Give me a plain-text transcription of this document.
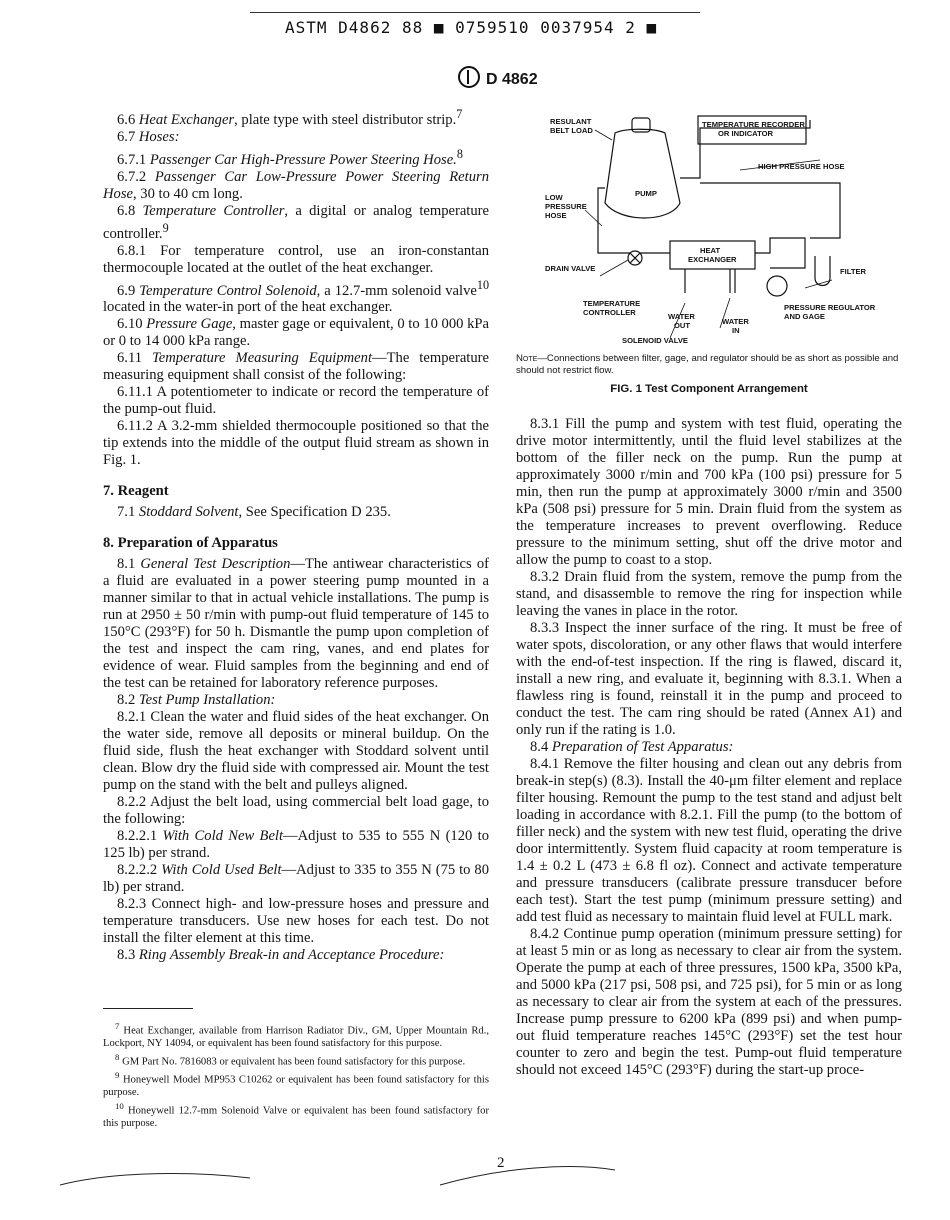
ASTM D4862 88 ■ 0759510 0037954 2 ■
D 4862

6.6 Heat Exchanger, plate type with steel distributor strip.$^7$

6.7 Hoses:

6.7.1 Passenger Car High-Pressure Power Steering Hose.$^8$

6.7.2 Passenger Car Low-Pressure Power Steering Return Hose, 30 to 40 cm long.

6.8 Temperature Controller, a digital or analog temperature controller.$^9$

6.8.1 For temperature control, use an iron-constantan thermocouple located at the outlet of the heat exchanger.

6.9 Temperature Control Solenoid, a 12.7-mm solenoid valve$^{10}$ located in the water-in port of the heat exchanger.

6.10 Pressure Gage, master gage or equivalent, 0 to 10 000 kPa or 0 to 14 000 kPa range.

6.11 Temperature Measuring Equipment—The temperature measuring equipment shall consist of the following:

6.11.1 A potentiometer to indicate or record the temperature of the pump-out fluid.

6.11.2 A 3.2-mm shielded thermocouple positioned so that the tip extends into the middle of the output fluid stream as shown in Fig. 1.

7. Reagent

7.1 Stoddard Solvent, See Specification D 235.

8. Preparation of Apparatus

8.1 General Test Description—The antiwear characteristics of a fluid are evaluated in a power steering pump mounted in a manner similar to that in actual vehicle installations. The pump is run at 2950 ± 50 r/min with pump-out fluid temperature of 145 to 150°C (293°F) for 50 h. Dismantle the pump upon completion of the test and inspect the cam ring, vanes, and end plates for evidence of wear. Fluid samples from the beginning and end of the test can be retained for laboratory reference purposes.

8.2 Test Pump Installation:

8.2.1 Clean the water and fluid sides of the heat exchanger. On the water side, remove all deposits or mineral buildup. On the fluid side, flush the heat exchanger with Stoddard solvent until clean. Blow dry the fluid side with compressed air. Mount the test pump on the stand with the belt and pulleys aligned.

8.2.2 Adjust the belt load, using commercial belt load gage, to the following:

8.2.2.1 With Cold New Belt—Adjust to 535 to 555 N (120 to 125 lb) per strand.

8.2.2.2 With Cold Used Belt—Adjust to 335 to 355 N (75 to 80 lb) per strand.

8.2.3 Connect high- and low-pressure hoses and pressure and temperature transducers. Use new hoses for each test. Do not install the filter element at this time.

8.3 Ring Assembly Break-in and Acceptance Procedure:

$^7$ Heat Exchanger, available from Harrison Radiator Div., GM, Upper Mountain Rd., Lockport, NY 14094, or equivalent has been found satisfactory for this purpose.

$^8$ GM Part No. 7816083 or equivalent has been found satisfactory for this purpose.

$^9$ Honeywell Model MP953 C10262 or equivalent has been found satisfactory for this purpose.

$^{10}$ Honeywell 12.7-mm Solenoid Valve or equivalent has been found satisfactory for this purpose.

RESULANT
BELT LOAD
TEMPERATURE RECORDER
OR INDICATOR
HIGH PRESSURE HOSE
PUMP
LOW
PRESSURE
HOSE
HEAT
EXCHANGER
DRAIN VALVE	FILTER
TEMPERATURE
CONTROLLER	WATER
OUT	WATER
IN
PRESSURE REGULATOR
AND GAGE
SOLENOID VALVE
Note—Connections between filter, gage, and regulator should be as short as possible and should not restrict flow.
FIG. 1 Test Component Arrangement

8.3.1 Fill the pump and system with test fluid, operating the drive motor intermittently, until the fluid level stabilizes at the bottom of the filler neck on the pump. Run the pump at approximately 3000 r/min and 700 kPa (100 psi) pressure for 5 min, then run the pump at approximately 3000 r/min and 3500 kPa (508 psi) pressure for 5 min. Drain fluid from the system as the temperature increases to prevent overflowing. Reduce pressure to the minimum setting, shut off the drive motor and allow the pump to coast to a stop.

8.3.2 Drain fluid from the system, remove the pump from the stand, and disassemble to remove the ring for inspection while leaving the vanes in place in the rotor.

8.3.3 Inspect the inner surface of the ring. It must be free of water spots, discoloration, or any other flaws that would interfere with the end-of-test inspection. If the ring is flawed, discard it, install a new ring, and evaluate it, beginning with 8.3.1. When a flawless ring is found, reinstall it in the pump and proceed to conduct the test. The cam ring should be rated (Annex A1) and only run if the rating is 1.0.

8.4 Preparation of Test Apparatus:

8.4.1 Remove the filter housing and clean out any debris from break-in step(s) (8.3). Install the 40-μm filter element and replace filter housing. Remount the pump to the test stand and adjust belt loading in accordance with 8.2.1. Fill the pump (to the bottom of filler neck) and the system with new test fluid, operating the drive door intermittently. System fluid capacity at room temperature is 1.4 ± 0.2 L (473 ± 6.8 fl oz). Connect and activate temperature and pressure transducers (calibrate pressure transducer before each test). Start the test pump (minimum pressure setting) and add test fluid as necessary to maintain fluid level at FULL mark.

8.4.2 Continue pump operation (minimum pressure setting) for at least 5 min or as long as necessary to clear air from the system. Operate the pump at each of three pressures, 1500 kPa, 3500 kPa, and 5000 kPa (217 psi, 508 psi, and 725 psi), for 5 min or as long as necessary to clear air from the system at each of the pressures. Increase pump pressure to 6200 kPa (899 psi) and when pump-out fluid temperature reaches 145°C (293°F) set the test hour counter to zero and begin the test. Pump-out fluid temperature should not exceed 145°C (293°F) during the start-up proce-

2
